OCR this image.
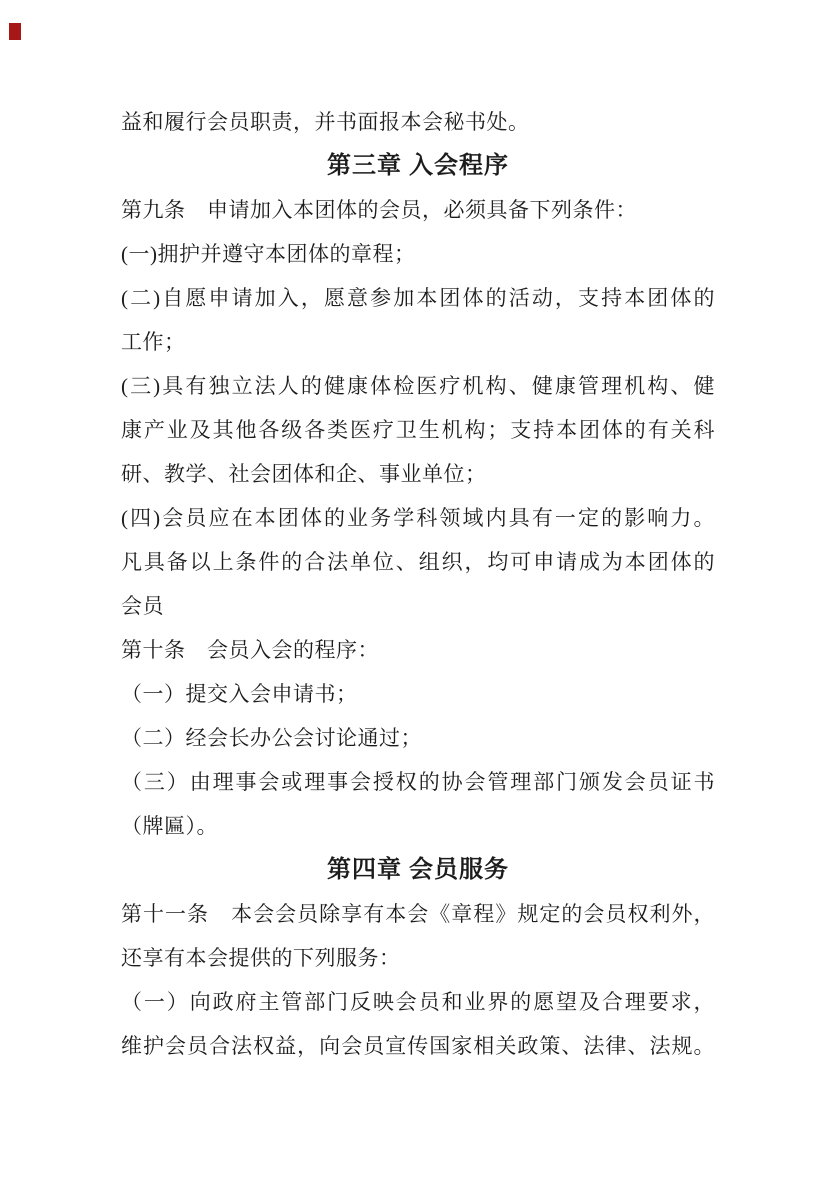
益和履行会员职责，并书面报本会秘书处。
第三章 入会程序
第九条　申请加入本团体的会员，必须具备下列条件：
(一)拥护并遵守本团体的章程；
(二)自愿申请加入，愿意参加本团体的活动，支持本团体的
工作；
(三)具有独立法人的健康体检医疗机构、健康管理机构、健
康产业及其他各级各类医疗卫生机构；支持本团体的有关科
研、教学、社会团体和企、事业单位；
(四)会员应在本团体的业务学科领域内具有一定的影响力。
凡具备以上条件的合法单位、组织，均可申请成为本团体的
会员
第十条　会员入会的程序：
（一）提交入会申请书；
（二）经会长办公会讨论通过；
（三）由理事会或理事会授权的协会管理部门颁发会员证书
（牌匾）。
第四章 会员服务
第十一条　本会会员除享有本会《章程》规定的会员权利外，
还享有本会提供的下列服务：
（一）向政府主管部门反映会员和业界的愿望及合理要求，
维护会员合法权益，向会员宣传国家相关政策、法律、法规。
